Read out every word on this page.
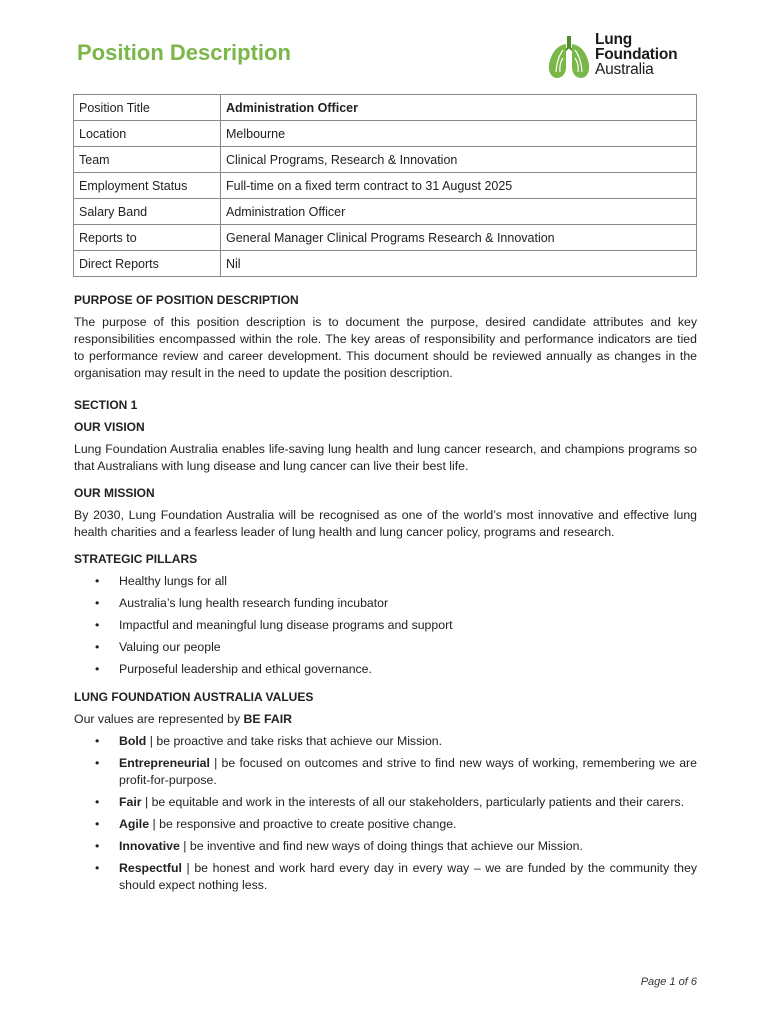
Position Description
Lung
Foundation
Australia
Position Title	Administration Officer
Location	Melbourne
Team	Clinical Programs, Research & Innovation
Employment Status	Full-time on a fixed term contract to 31 August 2025
Salary Band	Administration Officer
Reports to	General Manager Clinical Programs Research & Innovation
Direct Reports	Nil

PURPOSE OF POSITION DESCRIPTION

The purpose of this position description is to document the purpose, desired candidate attributes and key responsibilities encompassed within the role. The key areas of responsibility and performance indicators are tied to performance review and career development. This document should be reviewed annually as changes in the organisation may result in the need to update the position description.

SECTION 1

OUR VISION

Lung Foundation Australia enables life-saving lung health and lung cancer research, and champions programs so that Australians with lung disease and lung cancer can live their best life.

OUR MISSION

By 2030, Lung Foundation Australia will be recognised as one of the world’s most innovative and effective lung health charities and a fearless leader of lung health and lung cancer policy, programs and research.

STRATEGIC PILLARS

• Healthy lungs for all
• Australia’s lung health research funding incubator
• Impactful and meaningful lung disease programs and support
• Valuing our people
• Purposeful leadership and ethical governance.

LUNG FOUNDATION AUSTRALIA VALUES

Our values are represented by BE FAIR

• Bold | be proactive and take risks that achieve our Mission.
• Entrepreneurial | be focused on outcomes and strive to find new ways of working, remembering we are profit-for-purpose.
• Fair | be equitable and work in the interests of all our stakeholders, particularly patients and their carers.
• Agile | be responsive and proactive to create positive change.
• Innovative | be inventive and find new ways of doing things that achieve our Mission.
• Respectful | be honest and work hard every day in every way – we are funded by the community they should expect nothing less.
Page 1 of 6
